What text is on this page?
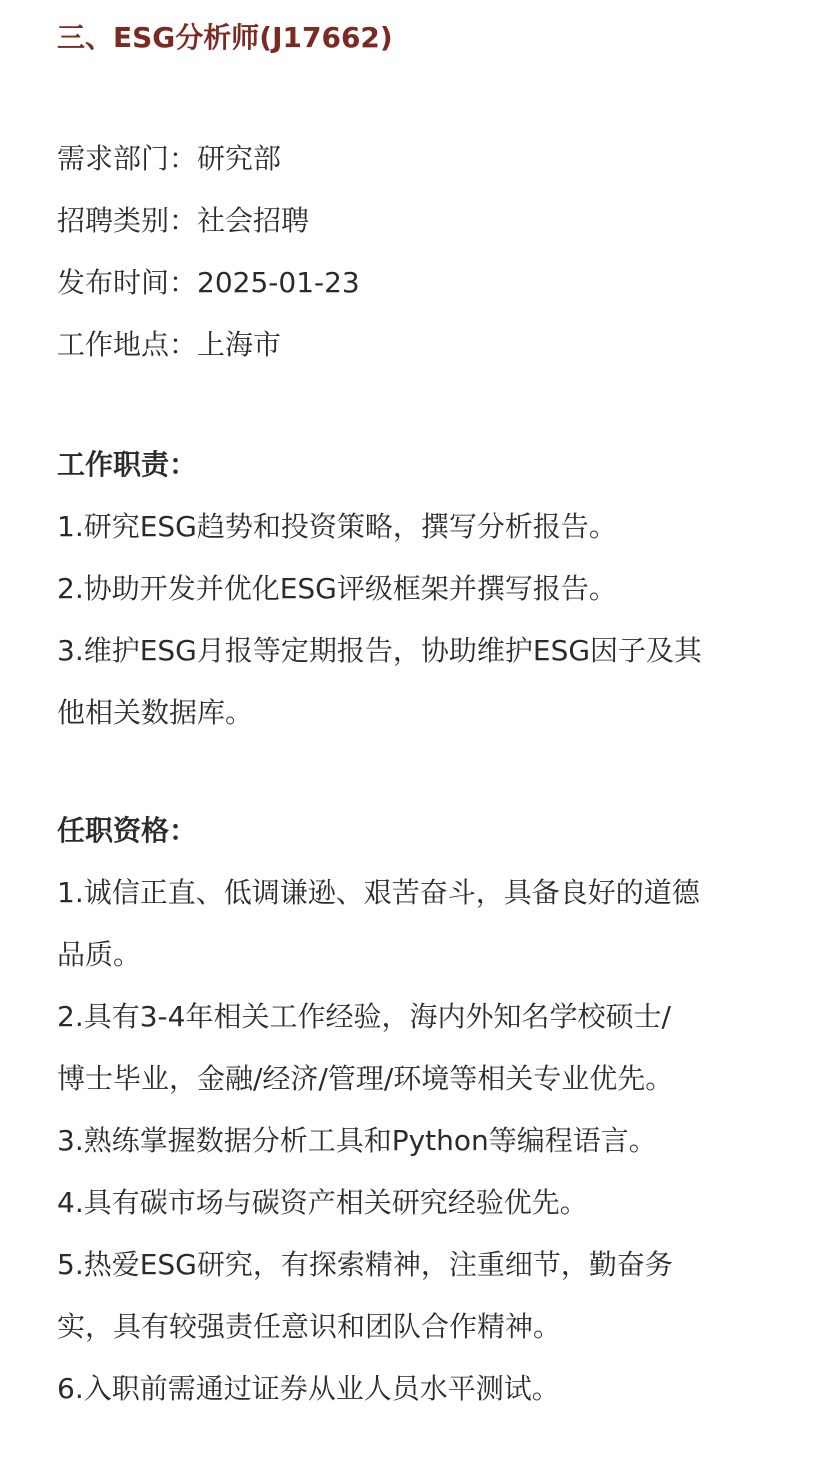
三、ESG分析师(J17662)
需求部门：研究部
招聘类别：社会招聘
发布时间：2025-01-23
工作地点：上海市
工作职责：
1.研究ESG趋势和投资策略，撰写分析报告。
2.协助开发并优化ESG评级框架并撰写报告。
3.维护ESG月报等定期报告，协助维护ESG因子及其
他相关数据库。
任职资格：
1.诚信正直、低调谦逊、艰苦奋斗，具备良好的道德
品质。
2.具有3-4年相关工作经验，海内外知名学校硕士/
博士毕业，金融/经济/管理/环境等相关专业优先。
3.熟练掌握数据分析工具和Python等编程语言。
4.具有碳市场与碳资产相关研究经验优先。
5.热爱ESG研究，有探索精神，注重细节，勤奋务
实，具有较强责任意识和团队合作精神。
6.入职前需通过证券从业人员水平测试。
